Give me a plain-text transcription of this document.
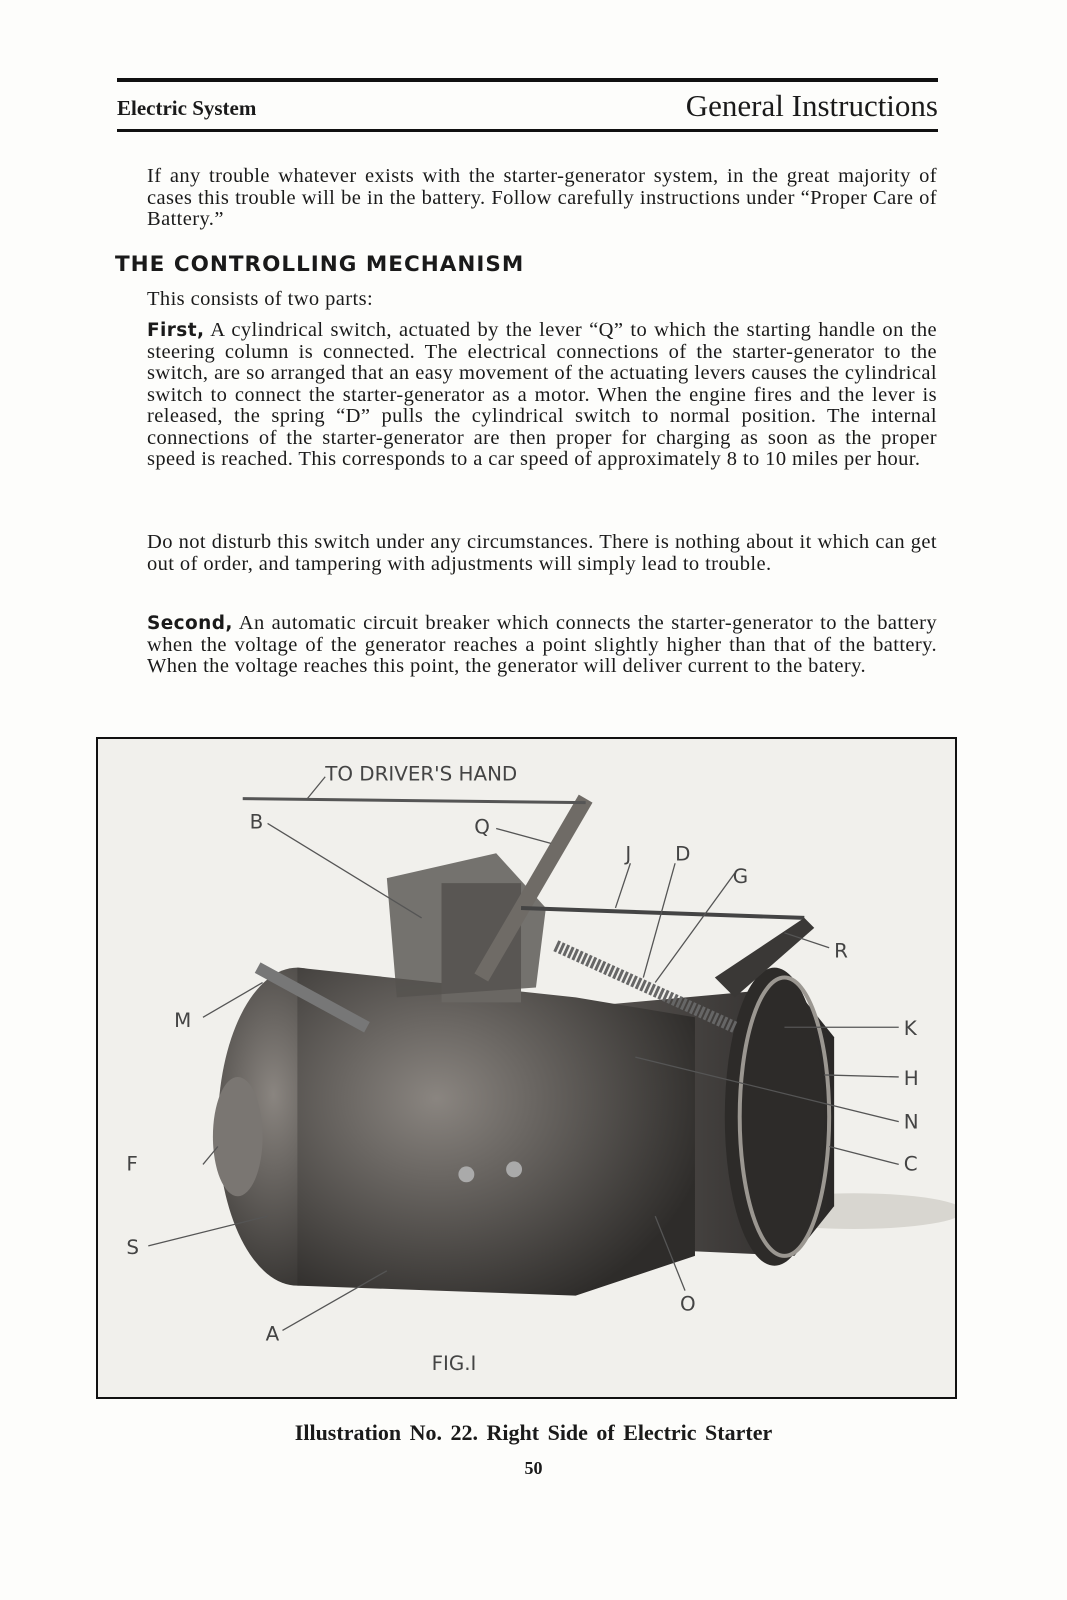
Electric System	General Instructions

If any trouble whatever exists with the starter-generator system, in the great majority of cases this trouble will be in the battery. Follow carefully instructions under “Proper Care of Battery.”

THE CONTROLLING MECHANISM

This consists of two parts:

First, A cylindrical switch, actuated by the lever “Q” to which the starting handle on the steering column is connected. The electrical connections of the starter-generator to the switch, are so arranged that an easy movement of the actuating levers causes the cylindrical switch to connect the starter-generator as a motor. When the engine fires and the lever is released, the spring “D” pulls the cylindrical switch to normal position. The internal connections of the starter-generator are then proper for charging as soon as the proper speed is reached. This corresponds to a car speed of approximately 8 to 10 miles per hour.

Do not disturb this switch under any circumstances. There is nothing about it which can get out of order, and tampering with adjustments will simply lead to trouble.

Second, An automatic circuit breaker which connects the starter-generator to the battery when the voltage of the generator reaches a point slightly higher than that of the battery. When the voltage reaches this point, the generator will deliver current to the batery.

TO DRIVER'S HAND
B	Q
J D
G
R
M	K
H
N
F	C
S
O
A
FIG.I
Illustration No. 22. Right Side of Electric Starter
50
